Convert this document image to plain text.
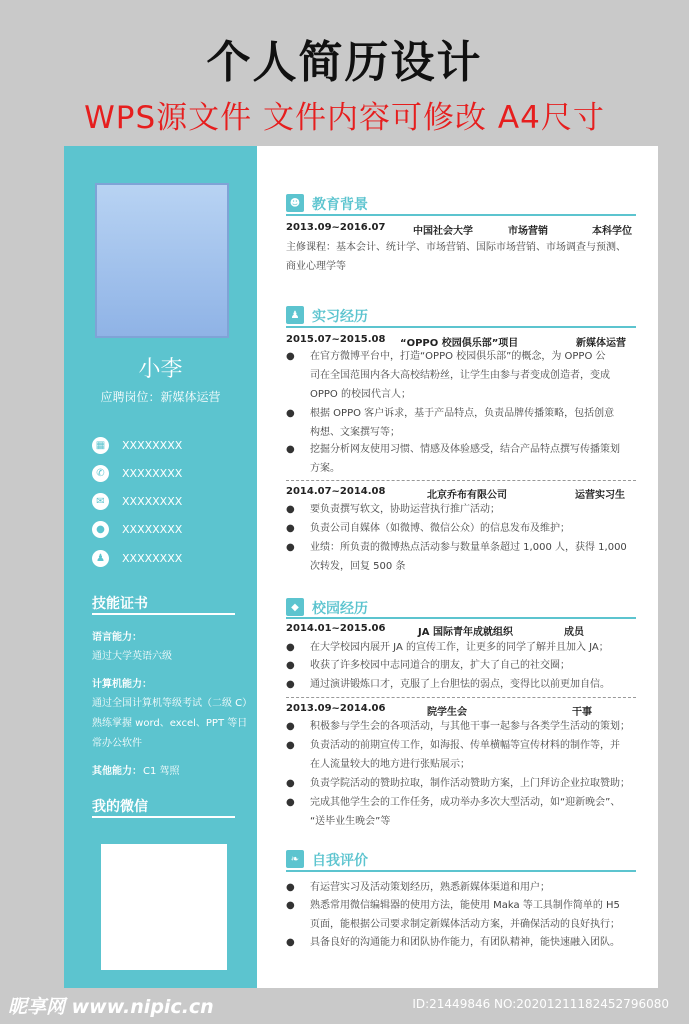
个人简历设计
WPS源文件 文件内容可修改 A4尺寸
小李
应聘岗位：新媒体运营
▦	XXXXXXXX
✆	XXXXXXXX
✉	XXXXXXXX
●	XXXXXXXX
♟	XXXXXXXX
技能证书
语言能力：
通过大学英语六级
计算机能力：
通过全国计算机等级考试（二级 C）
熟练掌握 word、excel、PPT 等日
常办公软件
其他能力： C1 驾照
我的微信
☻ 教育背景
2013.09~2016.07	中国社会大学	市场营销	本科学位
主修课程：基本会计、统计学、市场营销、国际市场营销、市场调查与预测、
商业心理学等
♟ 实习经历
2015.07~2015.08 “OPPO 校园俱乐部”项目	新媒体运营
● 在官方微博平台中，打造“OPPO 校园俱乐部”的概念，为 OPPO 公
司在全国范围内各大高校结粉丝，让学生由参与者变成创造者，变成
OPPO 的校园代言人；
● 根据 OPPO 客户诉求，基于产品特点，负责品牌传播策略，包括创意
构想、文案撰写等；
● 挖掘分析网友使用习惯、情感及体验感受，结合产品特点撰写传播策划
方案。
2014.07~2014.08	北京乔布有限公司	运营实习生
● 要负责撰写软文，协助运营执行推广活动；
● 负责公司自媒体（如微博、微信公众）的信息发布及维护；
● 业绩：所负责的微博热点活动参与数量单条超过 1,000 人，获得 1,000
次转发，回复 500 条
◆ 校园经历
2014.01~2015.06	JA 国际青年成就组织	成员
● 在大学校园内展开 JA 的宣传工作，让更多的同学了解并且加入 JA；
● 收获了许多校园中志同道合的朋友，扩大了自己的社交圈；
● 通过演讲锻炼口才，克服了上台胆怯的弱点，变得比以前更加自信。
2013.09~2014.06	院学生会	干事
● 积极参与学生会的各项活动，与其他干事一起参与各类学生活动的策划；
● 负责活动的前期宣传工作，如海报、传单横幅等宣传材料的制作等，并
在人流量较大的地方进行张贴展示；
● 负责学院活动的赞助拉取，制作活动赞助方案，上门拜访企业拉取赞助；
● 完成其他学生会的工作任务，成功举办多次大型活动，如“迎新晚会”、
“送毕业生晚会”等
❧ 自我评价
● 有运营实习及活动策划经历，熟悉新媒体渠道和用户；
● 熟悉常用微信编辑器的使用方法，能使用 Maka 等工具制作简单的 H5
页面，能根据公司要求制定新媒体活动方案，并确保活动的良好执行；
● 具备良好的沟通能力和团队协作能力，有团队精神，能快速融入团队。
昵享网 www.nipic.cn	ID:21449846 NO:20201211182452796080
